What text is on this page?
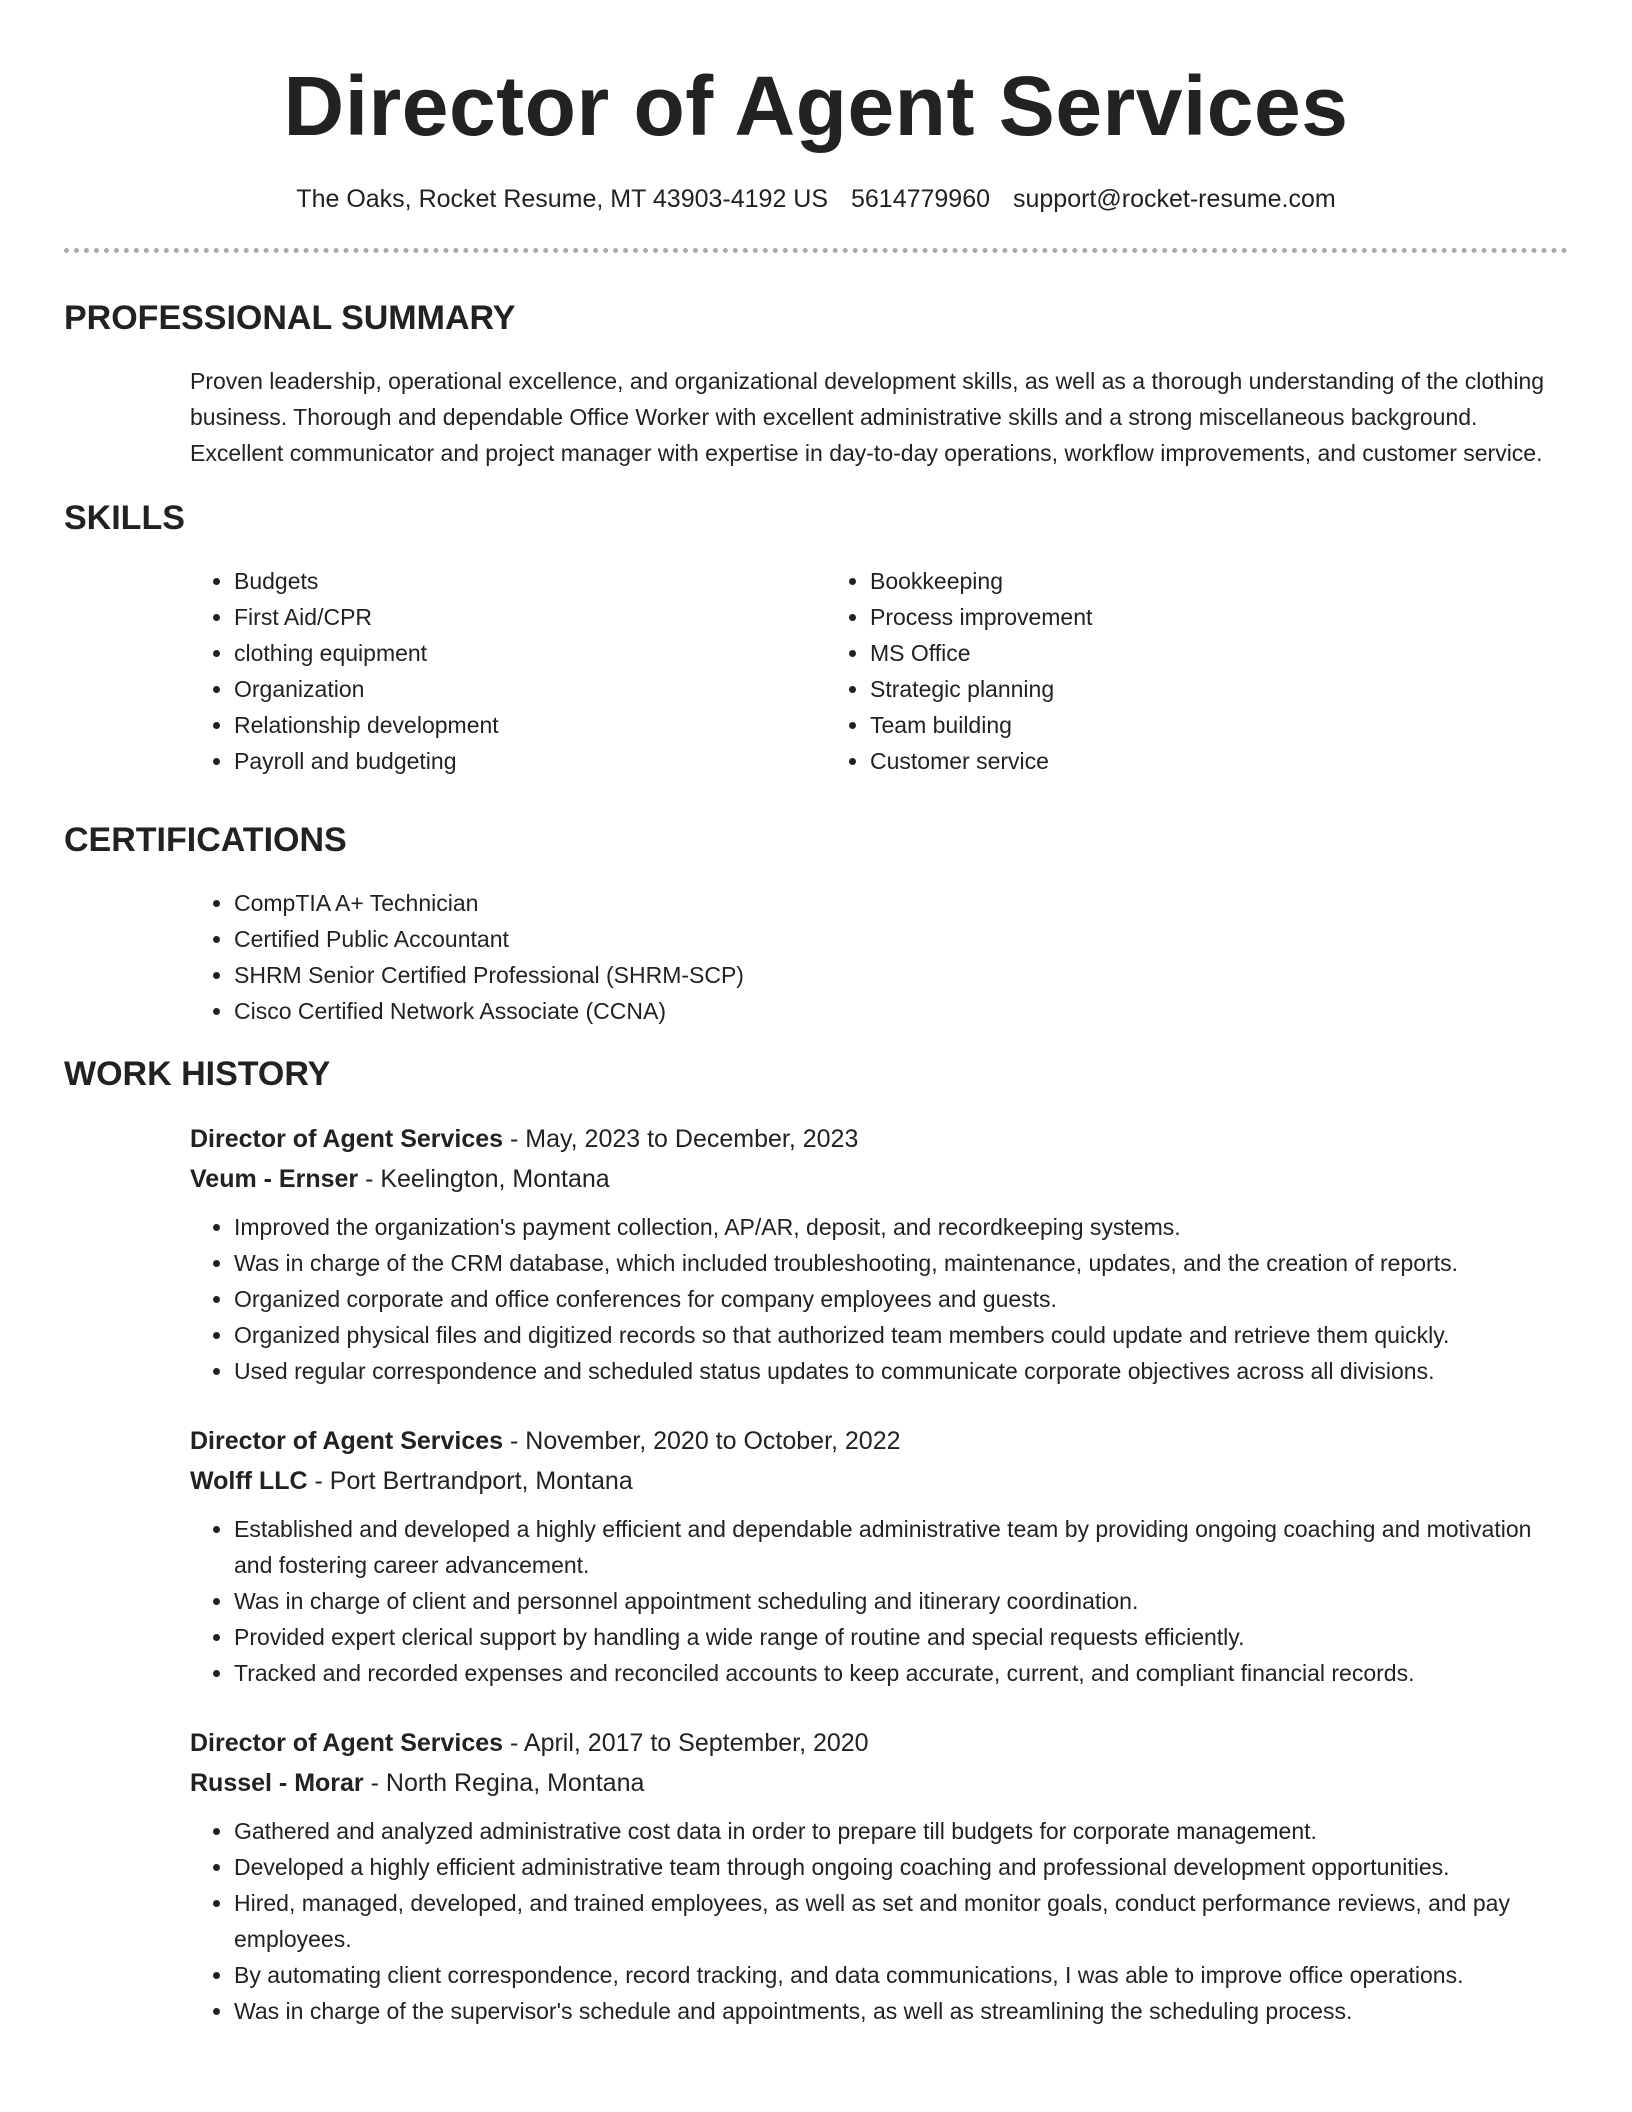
Director of Agent Services
The Oaks, Rocket Resume, MT 43903-4192 US 5614779960 support@rocket-resume.com
PROFESSIONAL SUMMARY
Proven leadership, operational excellence, and organizational development skills, as well as a thorough understanding of the clothing business. Thorough and dependable Office Worker with excellent administrative skills and a strong miscellaneous background. Excellent communicator and project manager with expertise in day-to-day operations, workflow improvements, and customer service.
SKILLS
• Budgets
• First Aid/CPR
• clothing equipment
• Organization
• Relationship development
• Payroll and budgeting
• Bookkeeping
• Process improvement
• MS Office
• Strategic planning
• Team building
• Customer service
CERTIFICATIONS
• CompTIA A+ Technician
• Certified Public Accountant
• SHRM Senior Certified Professional (SHRM-SCP)
• Cisco Certified Network Associate (CCNA)
WORK HISTORY
Director of Agent Services - May, 2023 to December, 2023
Veum - Ernser - Keelington, Montana
• Improved the organization's payment collection, AP/AR, deposit, and recordkeeping systems.
• Was in charge of the CRM database, which included troubleshooting, maintenance, updates, and the creation of reports.
• Organized corporate and office conferences for company employees and guests.
• Organized physical files and digitized records so that authorized team members could update and retrieve them quickly.
• Used regular correspondence and scheduled status updates to communicate corporate objectives across all divisions.
Director of Agent Services - November, 2020 to October, 2022
Wolff LLC - Port Bertrandport, Montana
• Established and developed a highly efficient and dependable administrative team by providing ongoing coaching and motivation and fostering career advancement.
• Was in charge of client and personnel appointment scheduling and itinerary coordination.
• Provided expert clerical support by handling a wide range of routine and special requests efficiently.
• Tracked and recorded expenses and reconciled accounts to keep accurate, current, and compliant financial records.
Director of Agent Services - April, 2017 to September, 2020
Russel - Morar - North Regina, Montana
• Gathered and analyzed administrative cost data in order to prepare till budgets for corporate management.
• Developed a highly efficient administrative team through ongoing coaching and professional development opportunities.
• Hired, managed, developed, and trained employees, as well as set and monitor goals, conduct performance reviews, and pay employees.
• By automating client correspondence, record tracking, and data communications, I was able to improve office operations.
• Was in charge of the supervisor's schedule and appointments, as well as streamlining the scheduling process.
